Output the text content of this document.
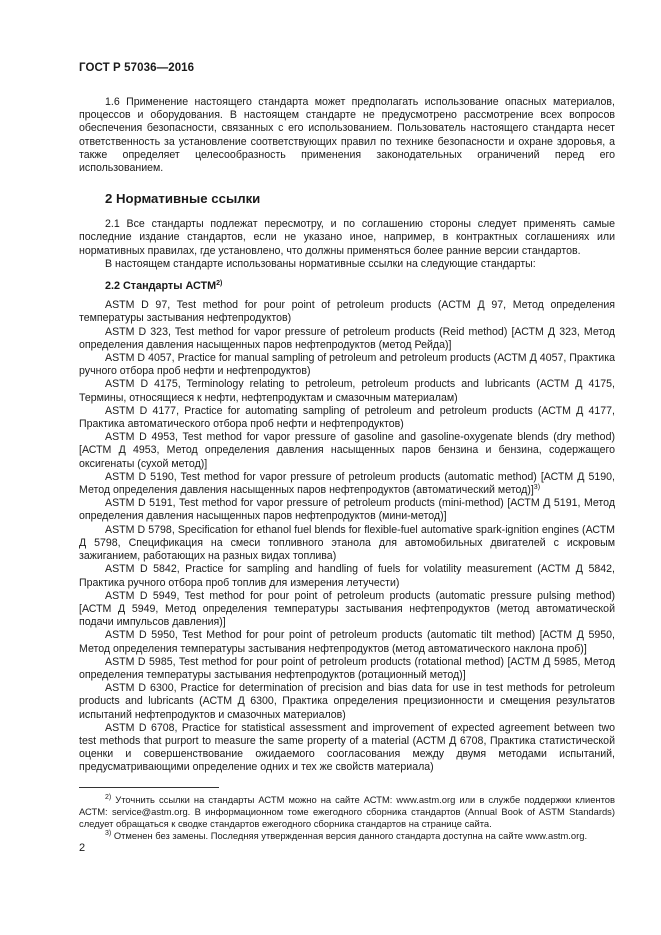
ГОСТ Р 57036—2016

1.6 Применение настоящего стандарта может предполагать использование опасных материалов, процессов и оборудования. В настоящем стандарте не предусмотрено рассмотрение всех вопросов обеспечения безопасности, связанных с его использованием. Пользователь настоящего стандарта несет ответственность за установление соответствующих правил по технике безопасности и охране здоровья, а также определяет целесообразность применения законодательных ограничений перед его использованием.

2 Нормативные ссылки

2.1 Все стандарты подлежат пересмотру, и по соглашению стороны следует применять самые последние издание стандартов, если не указано иное, например, в контрактных соглашениях или нормативных правилах, где установлено, что должны применяться более ранние версии стандартов.

В настоящем стандарте использованы нормативные ссылки на следующие стандарты:

2.2 Стандарты АСТМ$^{2)}$

ASTM D 97, Test method for pour point of petroleum products (АСТМ Д 97, Метод определения температуры застывания нефтепродуктов)

ASTM D 323, Test method for vapor pressure of petroleum products (Reid method) [АСТМ Д 323, Метод определения давления насыщенных паров нефтепродуктов (метод Рейда)]

ASTM D 4057, Practice for manual sampling of petroleum and petroleum products (АСТМ Д 4057, Практика ручного отбора проб нефти и нефтепродуктов)

ASTM D 4175, Terminology relating to petroleum, petroleum products and lubricants (АСТМ Д 4175, Термины, относящиеся к нефти, нефтепродуктам и смазочным материалам)

ASTM D 4177, Practice for automating sampling of petroleum and petroleum products (АСТМ Д 4177, Практика автоматического отбора проб нефти и нефтепродуктов)

ASTM D 4953, Test method for vapor pressure of gasoline and gasoline-oxygenate blends (dry method) [АСТМ Д 4953, Метод определения давления насыщенных паров бензина и бензина, содержащего оксигенаты (сухой метод)]

ASTM D 5190, Test method for vapor pressure of petroleum products (automatic method) [АСТМ Д 5190, Метод определения давления насыщенных паров нефтепродуктов (автоматический метод)]$^{3)}$

ASTM D 5191, Test method for vapor pressure of petroleum products (mini-method) [АСТМ Д 5191, Метод определения давления насыщенных паров нефтепродуктов (мини-метод)]

ASTM D 5798, Specification for ethanol fuel blends for flexible-fuel automative spark-ignition engines (АСТМ Д 5798, Спецификация на смеси топливного этанола для автомобильных двигателей с искровым зажиганием, работающих на разных видах топлива)

ASTM D 5842, Practice for sampling and handling of fuels for volatility measurement (АСТМ Д 5842, Практика ручного отбора проб топлив для измерения летучести)

ASTM D 5949, Test method for pour point of petroleum products (automatic pressure pulsing method) [АСТМ Д 5949, Метод определения температуры застывания нефтепродуктов (метод автоматической подачи импульсов давления)]

ASTM D 5950, Test Method for pour point of petroleum products (automatic tilt method) [АСТМ Д 5950, Метод определения температуры застывания нефтепродуктов (метод автоматического наклона проб)]

ASTM D 5985, Test method for pour point of petroleum products (rotational method) [АСТМ Д 5985, Метод определения температуры застывания нефтепродуктов (ротационный метод)]

ASTM D 6300, Practice for determination of precision and bias data for use in test methods for petroleum products and lubricants (АСТМ Д 6300, Практика определения прецизионности и смещения результатов испытаний нефтепродуктов и смазочных материалов)

ASTM D 6708, Practice for statistical assessment and improvement of expected agreement between two test methods that purport to measure the same property of a material (АСТМ Д 6708, Практика статистической оценки и совершенствование ожидаемого соогласования между двумя методами испытаний, предусматривающими определение одних и тех же свойств материала)

$^{2)}$ Уточнить ссылки на стандарты АСТМ можно на сайте АСТМ: www.astm.org или в службе поддержки клиентов АСТМ: service@astm.org. В информационном томе ежегодного сборника стандартов (Annual Book of ASTM Standards) следует обращаться к сводке стандартов ежегодного сборника стандартов на странице сайта.

$^{3)}$ Отменен без замены. Последняя утвержденная версия данного стандарта доступна на сайте www.astm.org.

2
